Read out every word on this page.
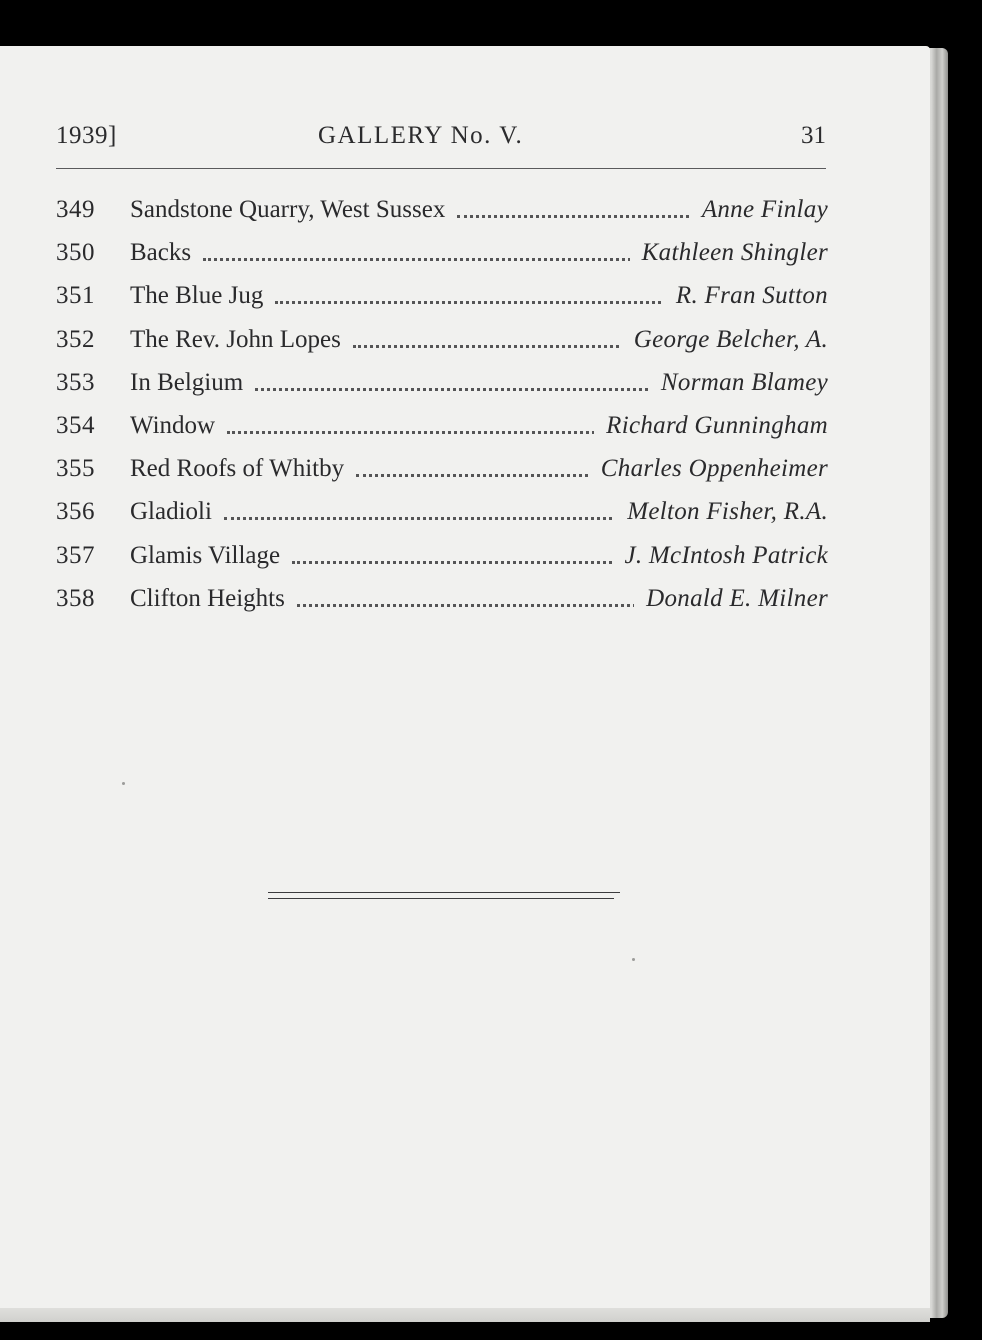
1939]	GALLERY No. V.	31
349	Sandstone Quarry, West Sussex	Anne Finlay
350	Backs	Kathleen Shingler
351	The Blue Jug	R. Fran Sutton
352	The Rev. John Lopes	George Belcher, A.
353	In Belgium	Norman Blamey
354	Window	Richard Gunningham
355	Red Roofs of Whitby	Charles Oppenheimer
356	Gladioli	Melton Fisher, R.A.
357	Glamis Village	J. McIntosh Patrick
358	Clifton Heights	Donald E. Milner
